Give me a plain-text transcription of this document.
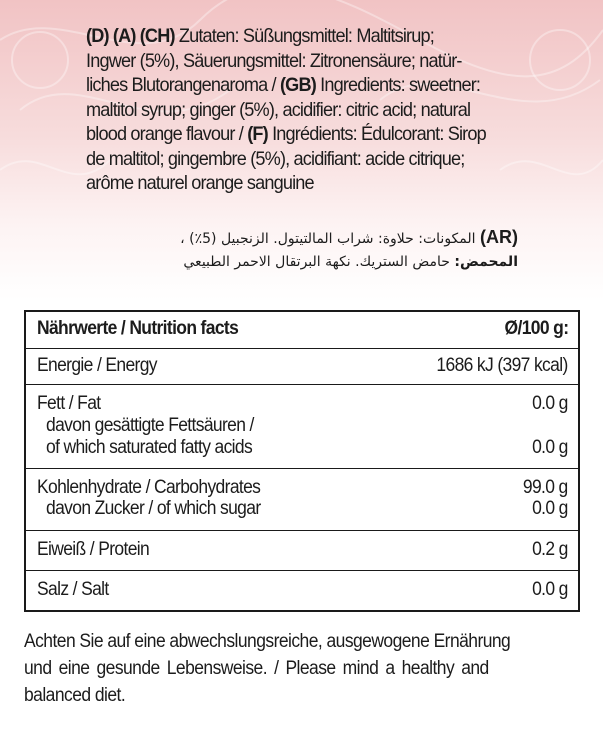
(D) (A) (CH) Zutaten: Süßungsmittel: Maltitsirup;
Ingwer (5%), Säuerungsmittel: Zitronensäure; natür-
liches Blutorangenaroma / (GB) Ingredients: sweetner:
maltitol syrup; ginger (5%), acidifier: citric acid; natural
blood orange flavour / (F) Ingrédients: Édulcorant: Sirop
de maltitol; gingembre (5%), acidifiant: acide citrique;
arôme naturel orange sanguine
(AR) المكونات: حلاوة: شراب المالتيتول. الزنجبيل (5٪) ،
المحمض: حامض الستريك. نكهة البرتقال الاحمر الطبيعي
Nährwerte / Nutrition facts	Ø/100 g:
Energie / Energy	1686 kJ (397 kcal)
Fett / Fat	0.0 g
davon gesättigte Fettsäuren /
of which saturated fatty acids	0.0 g
Kohlenhydrate / Carbohydrates	99.0 g
davon Zucker / of which sugar	0.0 g
Eiweiß / Protein	0.2 g
Salz / Salt	0.0 g
Achten Sie auf eine abwechslungsreiche, ausgewogene Ernährung
und eine gesunde Lebensweise. / Please mind a healthy and
balanced diet.
